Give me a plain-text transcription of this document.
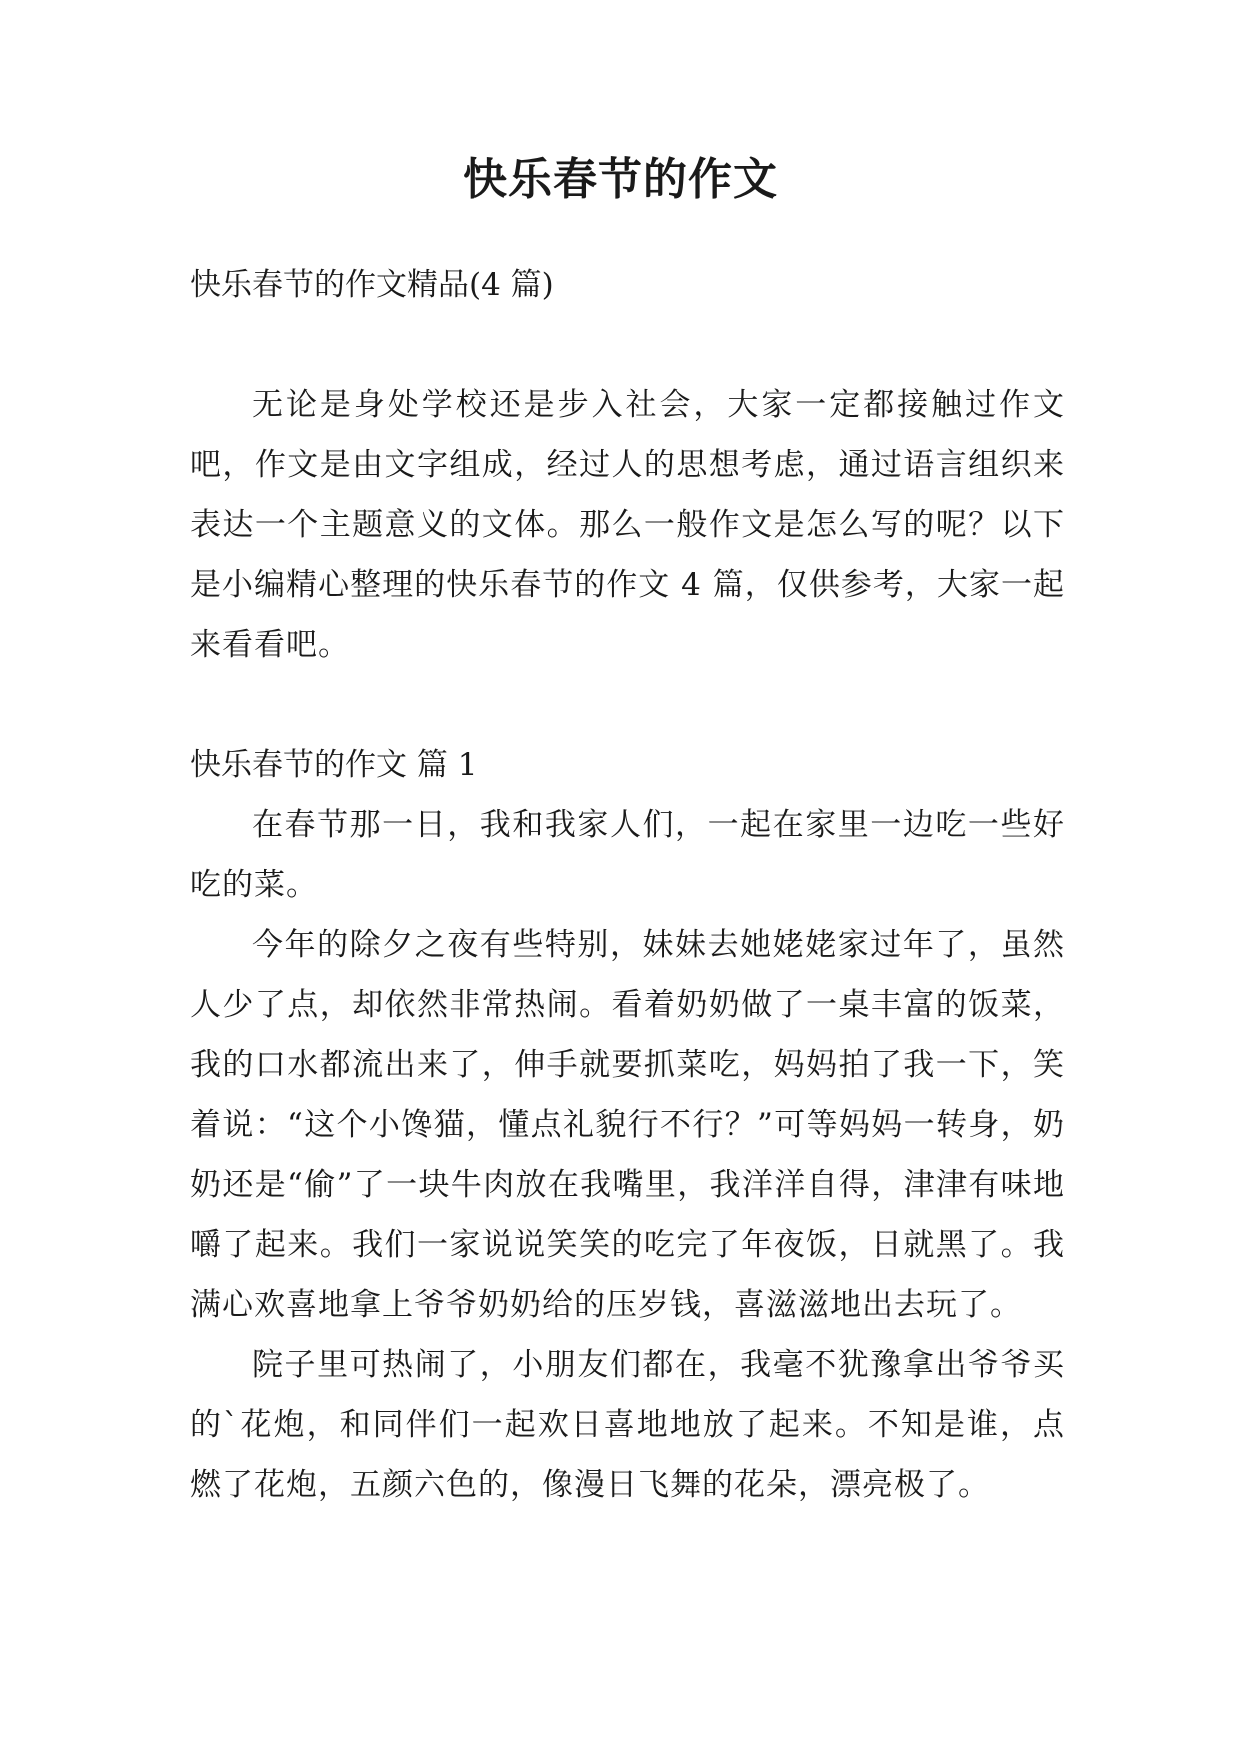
快乐春节的作文
快乐春节的作文精品(4 篇)

无论是身处学校还是步入社会，大家一定都接触过作文吧，作文是由文字组成，经过人的思想考虑，通过语言组织来表达一个主题意义的文体。那么一般作文是怎么写的呢？以下是小编精心整理的快乐春节的作文 4 篇，仅供参考，大家一起来看看吧。

快乐春节的作文 篇 1

在春节那一日，我和我家人们，一起在家里一边吃一些好吃的菜。

今年的除夕之夜有些特别，妹妹去她姥姥家过年了，虽然人少了点，却依然非常热闹。看着奶奶做了一桌丰富的饭菜，我的口水都流出来了，伸手就要抓菜吃，妈妈拍了我一下，笑着说：“这个小馋猫，懂点礼貌行不行？”可等妈妈一转身，奶奶还是“偷”了一块牛肉放在我嘴里，我洋洋自得，津津有味地嚼了起来。我们一家说说笑笑的吃完了年夜饭，日就黑了。我满心欢喜地拿上爷爷奶奶给的压岁钱，喜滋滋地出去玩了。

院子里可热闹了，小朋友们都在，我毫不犹豫拿出爷爷买的`花炮，和同伴们一起欢日喜地地放了起来。不知是谁，点燃了花炮，五颜六色的，像漫日飞舞的花朵，漂亮极了。
